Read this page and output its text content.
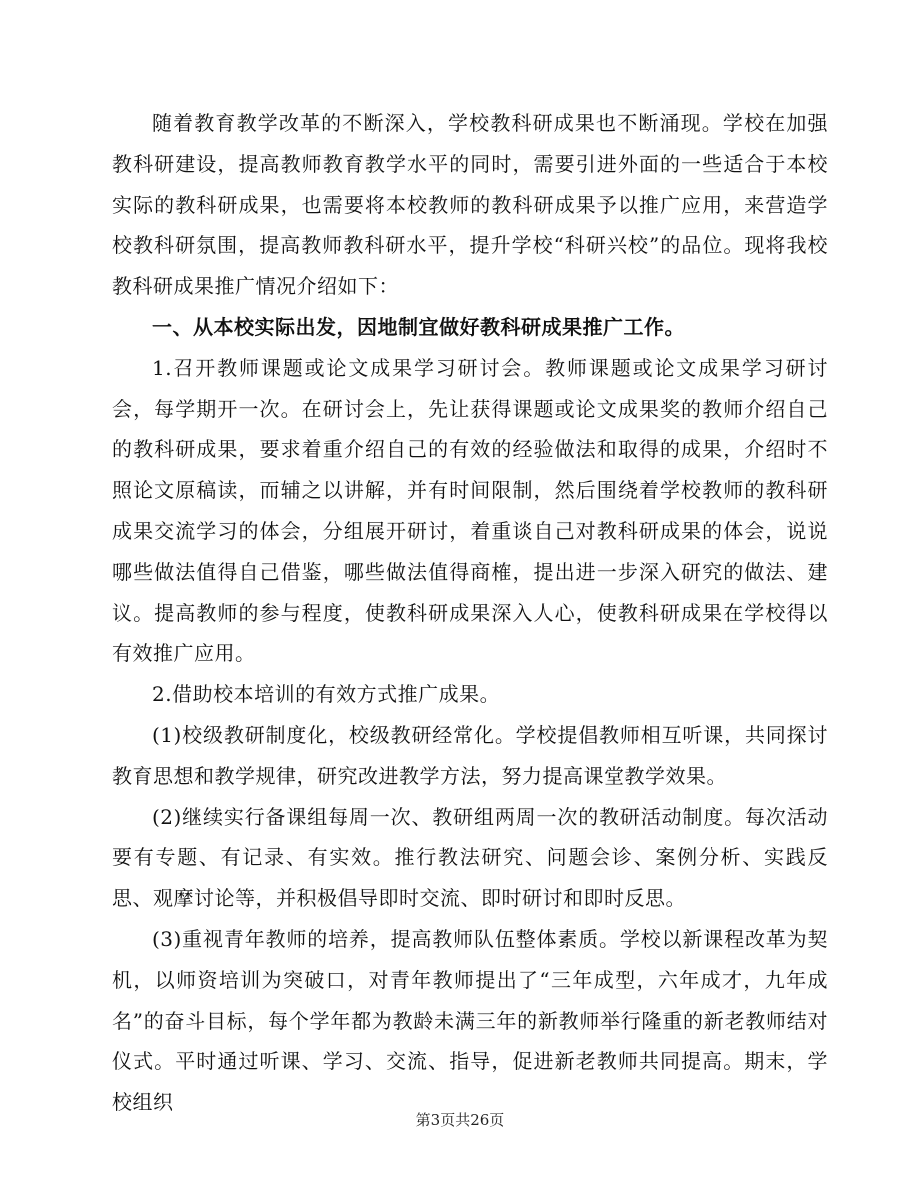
随着教育教学改革的不断深入，学校教科研成果也不断涌现。学校在加强教科研建设，提高教师教育教学水平的同时，需要引进外面的一些适合于本校实际的教科研成果，也需要将本校教师的教科研成果予以推广应用，来营造学校教科研氛围，提高教师教科研水平，提升学校“科研兴校”的品位。现将我校教科研成果推广情况介绍如下：

一、从本校实际出发，因地制宜做好教科研成果推广工作。

1.召开教师课题或论文成果学习研讨会。教师课题或论文成果学习研讨会，每学期开一次。在研讨会上，先让获得课题或论文成果奖的教师介绍自己的教科研成果，要求着重介绍自己的有效的经验做法和取得的成果，介绍时不照论文原稿读，而辅之以讲解，并有时间限制，然后围绕着学校教师的教科研成果交流学习的体会，分组展开研讨，着重谈自己对教科研成果的体会，说说哪些做法值得自己借鉴，哪些做法值得商榷，提出进一步深入研究的做法、建议。提高教师的参与程度，使教科研成果深入人心，使教科研成果在学校得以有效推广应用。

2.借助校本培训的有效方式推广成果。

(1)校级教研制度化，校级教研经常化。学校提倡教师相互听课，共同探讨教育思想和教学规律，研究改进教学方法，努力提高课堂教学效果。

(2)继续实行备课组每周一次、教研组两周一次的教研活动制度。每次活动要有专题、有记录、有实效。推行教法研究、问题会诊、案例分析、实践反思、观摩讨论等，并积极倡导即时交流、即时研讨和即时反思。

(3)重视青年教师的培养，提高教师队伍整体素质。学校以新课程改革为契机，以师资培训为突破口，对青年教师提出了“三年成型，六年成才，九年成名”的奋斗目标，每个学年都为教龄未满三年的新教师举行隆重的新老教师结对仪式。平时通过听课、学习、交流、指导，促进新老教师共同提高。期末，学校组织

第3页共26页
